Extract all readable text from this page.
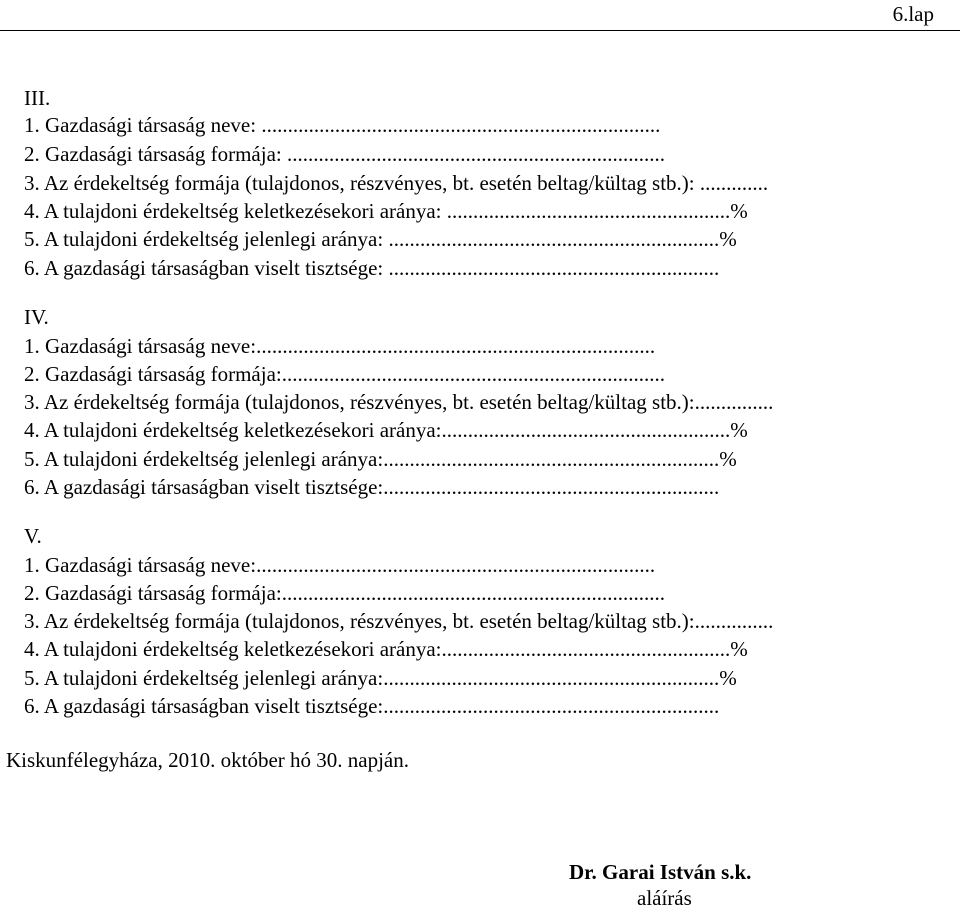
6.lap
III.
1. Gazdasági társaság neve: ............................................................................
2. Gazdasági társaság formája: ........................................................................
3. Az érdekeltség formája (tulajdonos, részvényes, bt. esetén beltag/kültag stb.): .............
4. A tulajdoni érdekeltség keletkezésekori aránya: ......................................................%
5. A tulajdoni érdekeltség jelenlegi aránya: ...............................................................%
6. A gazdasági társaságban viselt tisztsége: ...............................................................
IV.
1. Gazdasági társaság neve:............................................................................
2. Gazdasági társaság formája:.........................................................................
3. Az érdekeltség formája (tulajdonos, részvényes, bt. esetén beltag/kültag stb.):...............
4. A tulajdoni érdekeltség keletkezésekori aránya:.......................................................%
5. A tulajdoni érdekeltség jelenlegi aránya:................................................................%
6. A gazdasági társaságban viselt tisztsége:................................................................
V.
1. Gazdasági társaság neve:............................................................................
2. Gazdasági társaság formája:.........................................................................
3. Az érdekeltség formája (tulajdonos, részvényes, bt. esetén beltag/kültag stb.):...............
4. A tulajdoni érdekeltség keletkezésekori aránya:.......................................................%
5. A tulajdoni érdekeltség jelenlegi aránya:................................................................%
6. A gazdasági társaságban viselt tisztsége:................................................................
Kiskunfélegyháza, 2010. október hó 30. napján.
Dr. Garai István s.k.
aláírás
